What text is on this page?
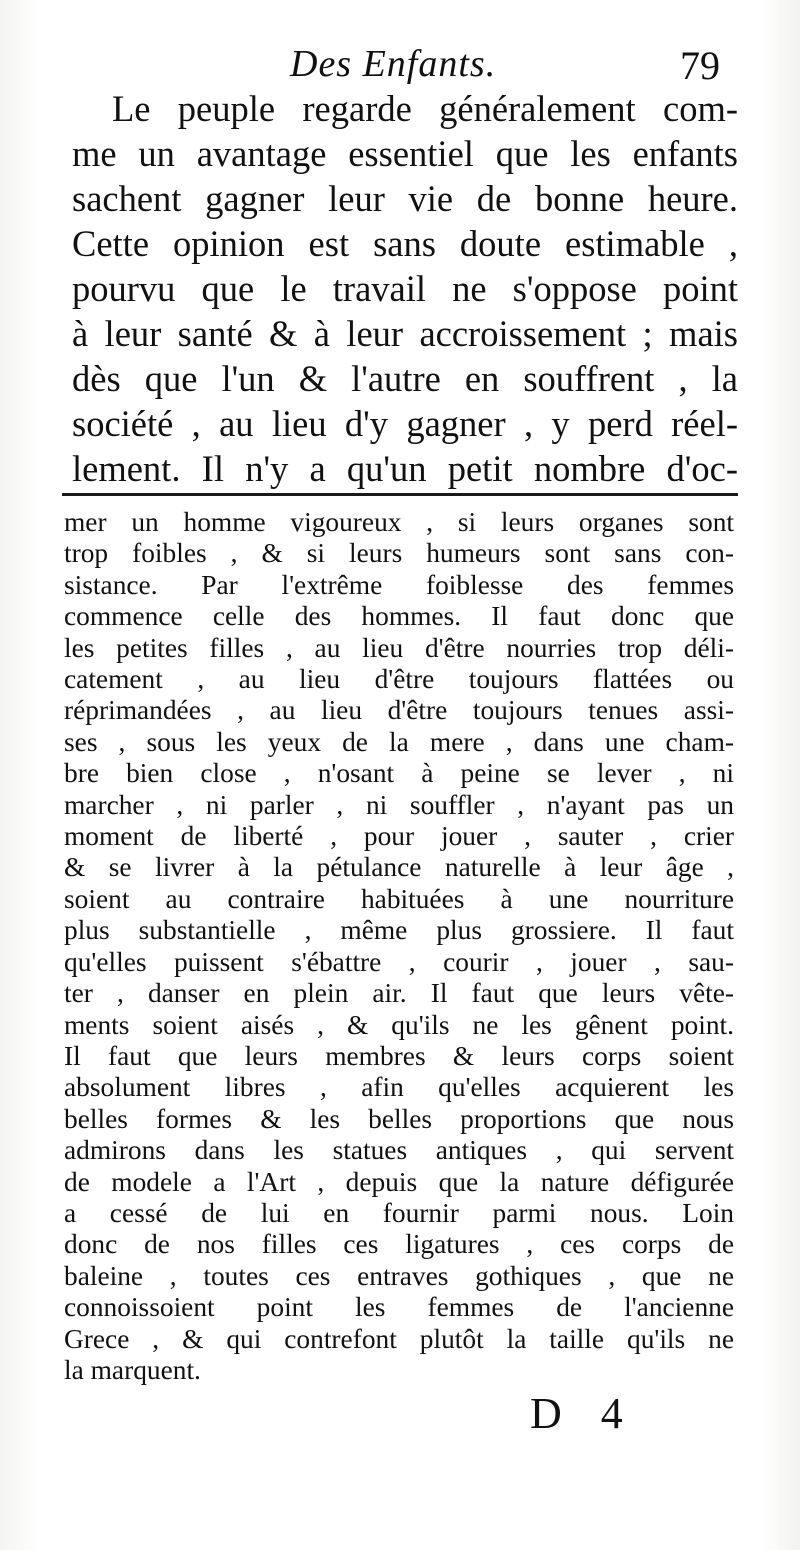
Des Enfants.	79
Le peuple regarde généralement com-
me un avantage essentiel que les enfants
sachent gagner leur vie de bonne heure.
Cette opinion est sans doute estimable ,
pourvu que le travail ne s'oppose point
à leur santé & à leur accroissement ; mais
dès que l'un & l'autre en souffrent , la
société , au lieu d'y gagner , y perd réel-
lement. Il n'y a qu'un petit nombre d'oc-
mer un homme vigoureux , si leurs organes sont
trop foibles , & si leurs humeurs sont sans con-
sistance. Par l'extrême foiblesse des femmes
commence celle des hommes. Il faut donc que
les petites filles , au lieu d'être nourries trop déli-
catement , au lieu d'être toujours flattées ou
réprimandées , au lieu d'être toujours tenues assi-
ses , sous les yeux de la mere , dans une cham-
bre bien close , n'osant à peine se lever , ni
marcher , ni parler , ni souffler , n'ayant pas un
moment de liberté , pour jouer , sauter , crier
& se livrer à la pétulance naturelle à leur âge ,
soient au contraire habituées à une nourriture
plus substantielle , même plus grossiere. Il faut
qu'elles puissent s'ébattre , courir , jouer , sau-
ter , danser en plein air. Il faut que leurs vête-
ments soient aisés , & qu'ils ne les gênent point.
Il faut que leurs membres & leurs corps soient
absolument libres , afin qu'elles acquierent les
belles formes & les belles proportions que nous
admirons dans les statues antiques , qui servent
de modele a l'Art , depuis que la nature défigurée
a cessé de lui en fournir parmi nous. Loin
donc de nos filles ces ligatures , ces corps de
baleine , toutes ces entraves gothiques , que ne
connoissoient point les femmes de l'ancienne
Grece , & qui contrefont plutôt la taille qu'ils ne
la marquent.
D 4
